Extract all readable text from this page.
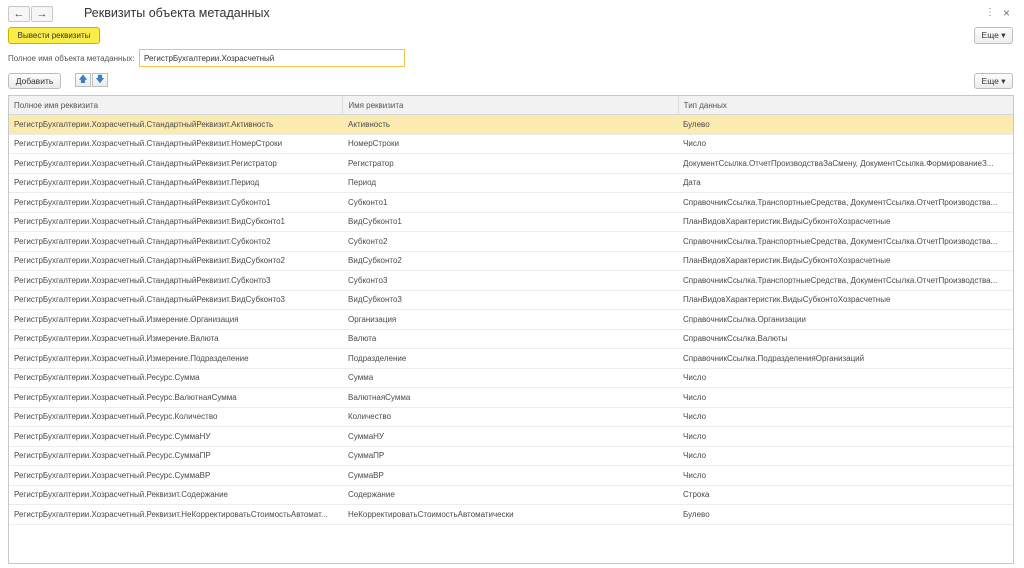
← →	Реквизиты объекта метаданных	⋮ ×
Вывести реквизиты	Еще ▾
Полное имя объекта метаданных:	РегистрБухгалтерии.Хозрасчетный
Добавить	🡅 🡇	Еще ▾
Полное имя реквизита	Имя реквизита	Тип данных
РегистрБухгалтерии.Хозрасчетный.СтандартныйРеквизит.Активность	Активность	Булево
РегистрБухгалтерии.Хозрасчетный.СтандартныйРеквизит.НомерСтроки	НомерСтроки	Число
РегистрБухгалтерии.Хозрасчетный.СтандартныйРеквизит.Регистратор	Регистратор	ДокументСсылка.ОтчетПроизводстваЗаСмену, ДокументСсылка.ФормированиеЗ...
РегистрБухгалтерии.Хозрасчетный.СтандартныйРеквизит.Период	Период	Дата
РегистрБухгалтерии.Хозрасчетный.СтандартныйРеквизит.Субконто1	Субконто1	СправочникСсылка.ТранспортныеСредства, ДокументСсылка.ОтчетПроизводства...
РегистрБухгалтерии.Хозрасчетный.СтандартныйРеквизит.ВидСубконто1	ВидСубконто1	ПланВидовХарактеристик.ВидыСубконтоХозрасчетные
РегистрБухгалтерии.Хозрасчетный.СтандартныйРеквизит.Субконто2	Субконто2	СправочникСсылка.ТранспортныеСредства, ДокументСсылка.ОтчетПроизводства...
РегистрБухгалтерии.Хозрасчетный.СтандартныйРеквизит.ВидСубконто2	ВидСубконто2	ПланВидовХарактеристик.ВидыСубконтоХозрасчетные
РегистрБухгалтерии.Хозрасчетный.СтандартныйРеквизит.Субконто3	Субконто3	СправочникСсылка.ТранспортныеСредства, ДокументСсылка.ОтчетПроизводства...
РегистрБухгалтерии.Хозрасчетный.СтандартныйРеквизит.ВидСубконто3	ВидСубконто3	ПланВидовХарактеристик.ВидыСубконтоХозрасчетные
РегистрБухгалтерии.Хозрасчетный.Измерение.Организация	Организация	СправочникСсылка.Организации
РегистрБухгалтерии.Хозрасчетный.Измерение.Валюта	Валюта	СправочникСсылка.Валюты
РегистрБухгалтерии.Хозрасчетный.Измерение.Подразделение	Подразделение	СправочникСсылка.ПодразделенияОрганизаций
РегистрБухгалтерии.Хозрасчетный.Ресурс.Сумма	Сумма	Число
РегистрБухгалтерии.Хозрасчетный.Ресурс.ВалютнаяСумма	ВалютнаяСумма	Число
РегистрБухгалтерии.Хозрасчетный.Ресурс.Количество	Количество	Число
РегистрБухгалтерии.Хозрасчетный.Ресурс.СуммаНУ	СуммаНУ	Число
РегистрБухгалтерии.Хозрасчетный.Ресурс.СуммаПР	СуммаПР	Число
РегистрБухгалтерии.Хозрасчетный.Ресурс.СуммаВР	СуммаВР	Число
РегистрБухгалтерии.Хозрасчетный.Реквизит.Содержание	Содержание	Строка
РегистрБухгалтерии.Хозрасчетный.Реквизит.НеКорректироватьСтоимостьАвтомат...	НеКорректироватьСтоимостьАвтоматически	Булево
